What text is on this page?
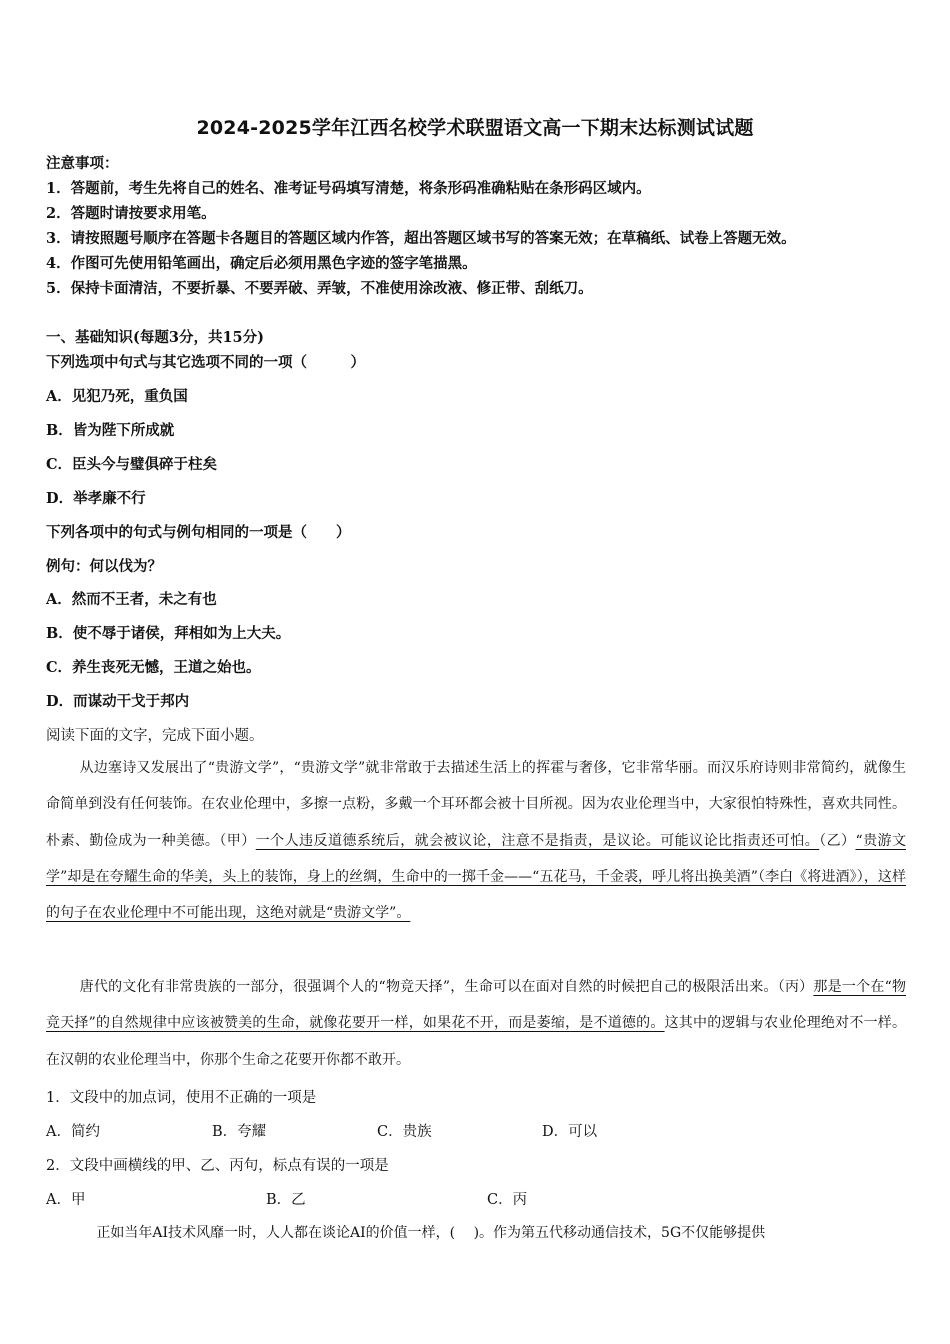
2024-2025学年江西名校学术联盟语文高一下期末达标测试试题
注意事项：
1．答题前，考生先将自己的姓名、准考证号码填写清楚，将条形码准确粘贴在条形码区域内。
2．答题时请按要求用笔。
3．请按照题号顺序在答题卡各题目的答题区域内作答，超出答题区域书写的答案无效；在草稿纸、试卷上答题无效。
4．作图可先使用铅笔画出，确定后必须用黑色字迹的签字笔描黑。
5．保持卡面清洁，不要折暴、不要弄破、弄皱，不准使用涂改液、修正带、刮纸刀。
一、基础知识(每题3分，共15分)
下列选项中句式与其它选项不同的一项（　　　）
A．见犯乃死，重负国
B．皆为陛下所成就
C．臣头今与璧俱碎于柱矣
D．举孝廉不行
下列各项中的句式与例句相同的一项是（　　）
例句：何以伐为？
A．然而不王者，未之有也
B．使不辱于诸侯，拜相如为上大夫。
C．养生丧死无憾，王道之始也。
D．而谋动干戈于邦内
阅读下面的文字，完成下面小题。
从边塞诗又发展出了“贵游文学”，“贵游文学”就非常敢于去描述生活上的挥霍与奢侈，它非常华丽。而汉乐府诗则非常简约，就像生命简单到没有任何装饰。在农业伦理中，多擦一点粉，多戴一个耳环都会被十目所视。因为农业伦理当中，大家很怕特殊性，喜欢共同性。朴素、勤俭成为一种美德。（甲）一个人违反道德系统后，就会被议论，注意不是指责，是议论。可能议论比指责还可怕。（乙）“贵游文学”却是在夸耀生命的华美，头上的装饰，身上的丝绸，生命中的一掷千金——“五花马，千金裘，呼儿将出换美酒”（李白《将进酒》），这样的句子在农业伦理中不可能出现，这绝对就是“贵游文学”。
唐代的文化有非常贵族的一部分，很强调个人的“物竞天择”，生命可以在面对自然的时候把自己的极限活出来。（丙）那是一个在“物竞天择”的自然规律中应该被赞美的生命，就像花要开一样，如果花不开，而是萎缩，是不道德的。这其中的逻辑与农业伦理绝对不一样。在汉朝的农业伦理当中，你那个生命之花要开你都不敢开。
1．文段中的加点词，使用不正确的一项是
A．简约	B．夸耀	C．贵族	D．可以
2．文段中画横线的甲、乙、丙句，标点有误的一项是
A．甲	B．乙	C．丙
正如当年AI技术风靡一时，人人都在谈论AI的价值一样，(　 )。作为第五代移动通信技术，5G不仅能够提供
